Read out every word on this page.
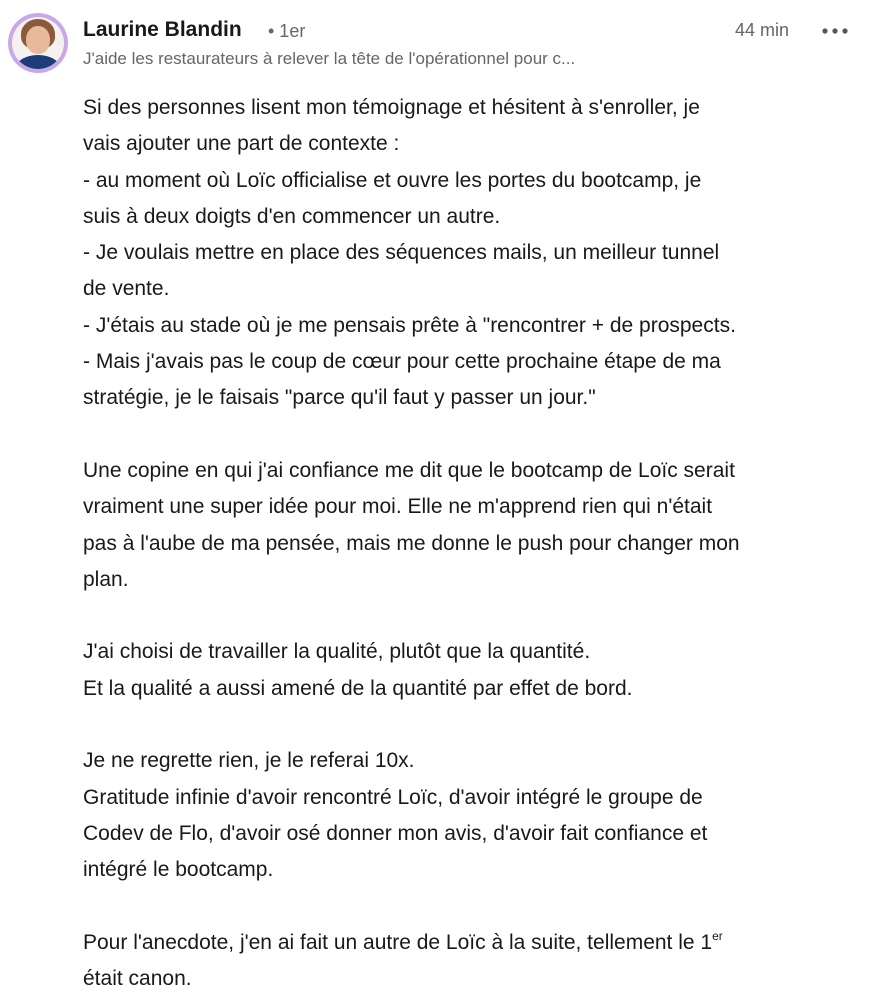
Laurine Blandin • 1er
J'aide les restaurateurs à relever la tête de l'opérationnel pour c...
44 min
Si des personnes lisent mon témoignage et hésitent à s'enroller, je
vais ajouter une part de contexte :
- au moment où Loïc officialise et ouvre les portes du bootcamp, je
suis à deux doigts d'en commencer un autre.
- Je voulais mettre en place des séquences mails, un meilleur tunnel
de vente.
- J'étais au stade où je me pensais prête à "rencontrer + de prospects.
- Mais j'avais pas le coup de cœur pour cette prochaine étape de ma
stratégie, je le faisais "parce qu'il faut y passer un jour."
Une copine en qui j'ai confiance me dit que le bootcamp de Loïc serait
vraiment une super idée pour moi. Elle ne m'apprend rien qui n'était
pas à l'aube de ma pensée, mais me donne le push pour changer mon
plan.
J'ai choisi de travailler la qualité, plutôt que la quantité.
Et la qualité a aussi amené de la quantité par effet de bord.
Je ne regrette rien, je le referai 10x.
Gratitude infinie d'avoir rencontré Loïc, d'avoir intégré le groupe de
Codev de Flo, d'avoir osé donner mon avis, d'avoir fait confiance et
intégré le bootcamp.
Pour l'anecdote, j'en ai fait un autre de Loïc à la suite, tellement le 1er
était canon.
